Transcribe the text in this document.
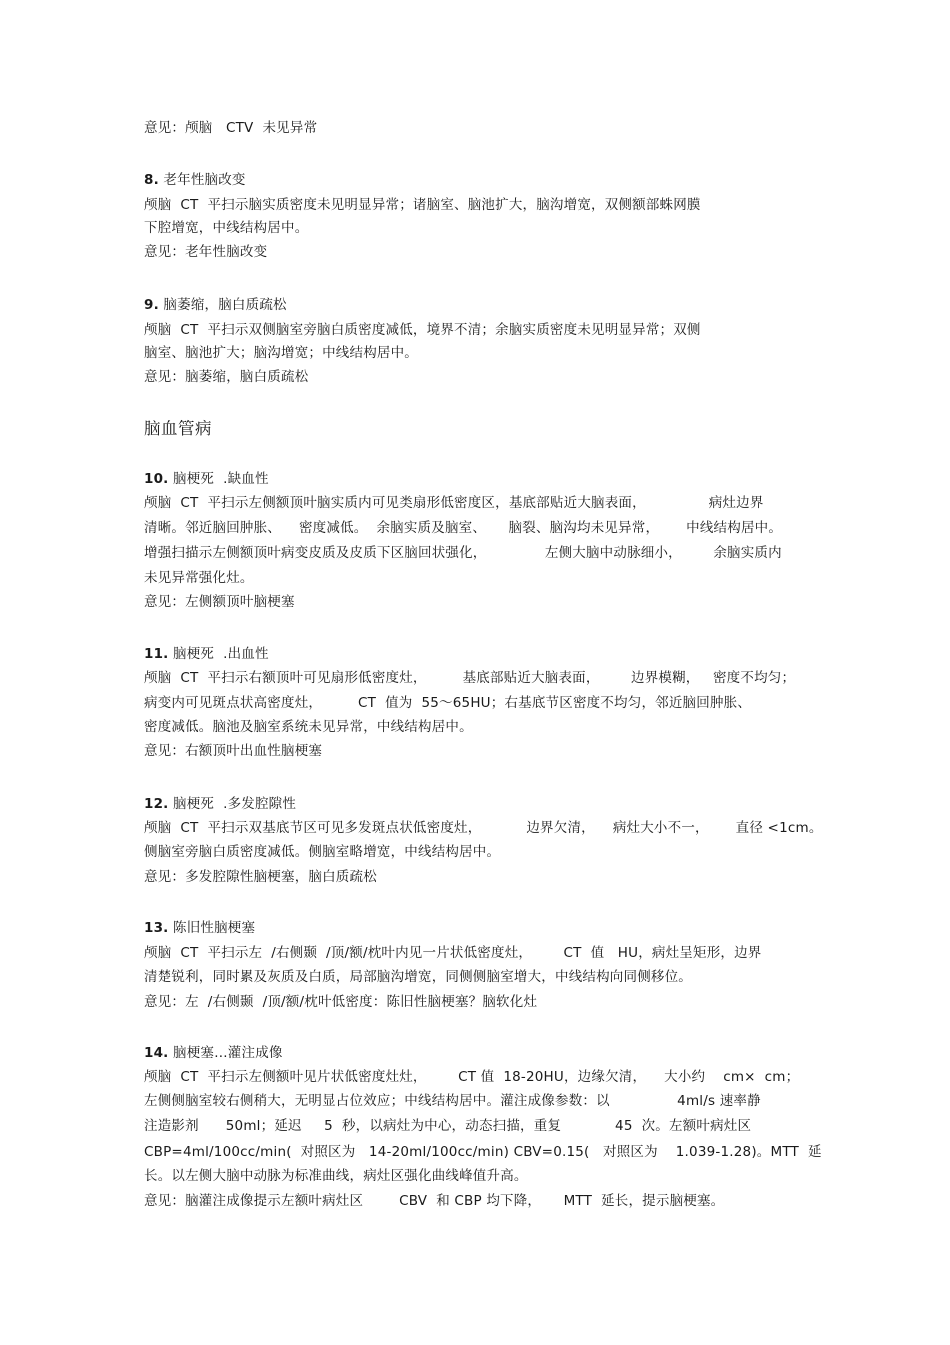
意见：颅脑   CTV  未见异常
8. 老年性脑改变
颅脑  CT  平扫示脑实质密度未见明显异常；诸脑室、脑池扩大，脑沟增宽，双侧额部蛛网膜
下腔增宽，中线结构居中。
意见：老年性脑改变
9. 脑萎缩，脑白质疏松
颅脑  CT  平扫示双侧脑室旁脑白质密度减低，境界不清；余脑实质密度未见明显异常；双侧
脑室、脑池扩大；脑沟增宽；中线结构居中。
意见：脑萎缩，脑白质疏松
脑血管病
10. 脑梗死  .缺血性
颅脑  CT  平扫示左侧额顶叶脑实质内可见类扇形低密度区，基底部贴近大脑表面，              病灶边界
清晰。邻近脑回肿胀、    密度减低。  余脑实质及脑室、     脑裂、脑沟均未见异常，      中线结构居中。
增强扫描示左侧额顶叶病变皮质及皮质下区脑回状强化，             左侧大脑中动脉细小，       余脑实质内
未见异常强化灶。
意见：左侧额顶叶脑梗塞
11. 脑梗死  .出血性
颅脑  CT  平扫示右额顶叶可见扇形低密度灶，        基底部贴近大脑表面，       边界模糊，   密度不均匀；
病变内可见斑点状高密度灶，        CT  值为  55～65HU；右基底节区密度不均匀，邻近脑回肿胀、
密度减低。脑池及脑室系统未见异常，中线结构居中。
意见：右额顶叶出血性脑梗塞
12. 脑梗死  .多发腔隙性
颅脑  CT  平扫示双基底节区可见多发斑点状低密度灶，          边界欠清，    病灶大小不一，      直径 <1cm。
侧脑室旁脑白质密度减低。侧脑室略增宽，中线结构居中。
意见：多发腔隙性脑梗塞，脑白质疏松
13. 陈旧性脑梗塞
颅脑  CT  平扫示左  /右侧颞  /顶/额/枕叶内见一片状低密度灶，       CT  值   HU，病灶呈矩形，边界
清楚锐利，同时累及灰质及白质，局部脑沟增宽，同侧侧脑室增大，中线结构向同侧移位。
意见：左  /右侧颞  /顶/额/枕叶低密度：陈旧性脑梗塞？脑软化灶
14. 脑梗塞…灌注成像
颅脑  CT  平扫示左侧额叶见片状低密度灶灶，       CT 值  18-20HU，边缘欠清，    大小约    cm×  cm；
左侧侧脑室较右侧稍大，无明显占位效应；中线结构居中。灌注成像参数：以               4ml/s 速率静
注造影剂      50ml；延迟     5  秒，以病灶为中心，动态扫描，重复            45  次。左额叶病灶区
CBP=4ml/100cc/min(  对照区为   14-20ml/100cc/min) CBV=0.15(   对照区为    1.039-1.28)。MTT  延
长。以左侧大脑中动脉为标准曲线，病灶区强化曲线峰值升高。
意见：脑灌注成像提示左额叶病灶区        CBV  和 CBP 均下降，     MTT  延长，提示脑梗塞。
